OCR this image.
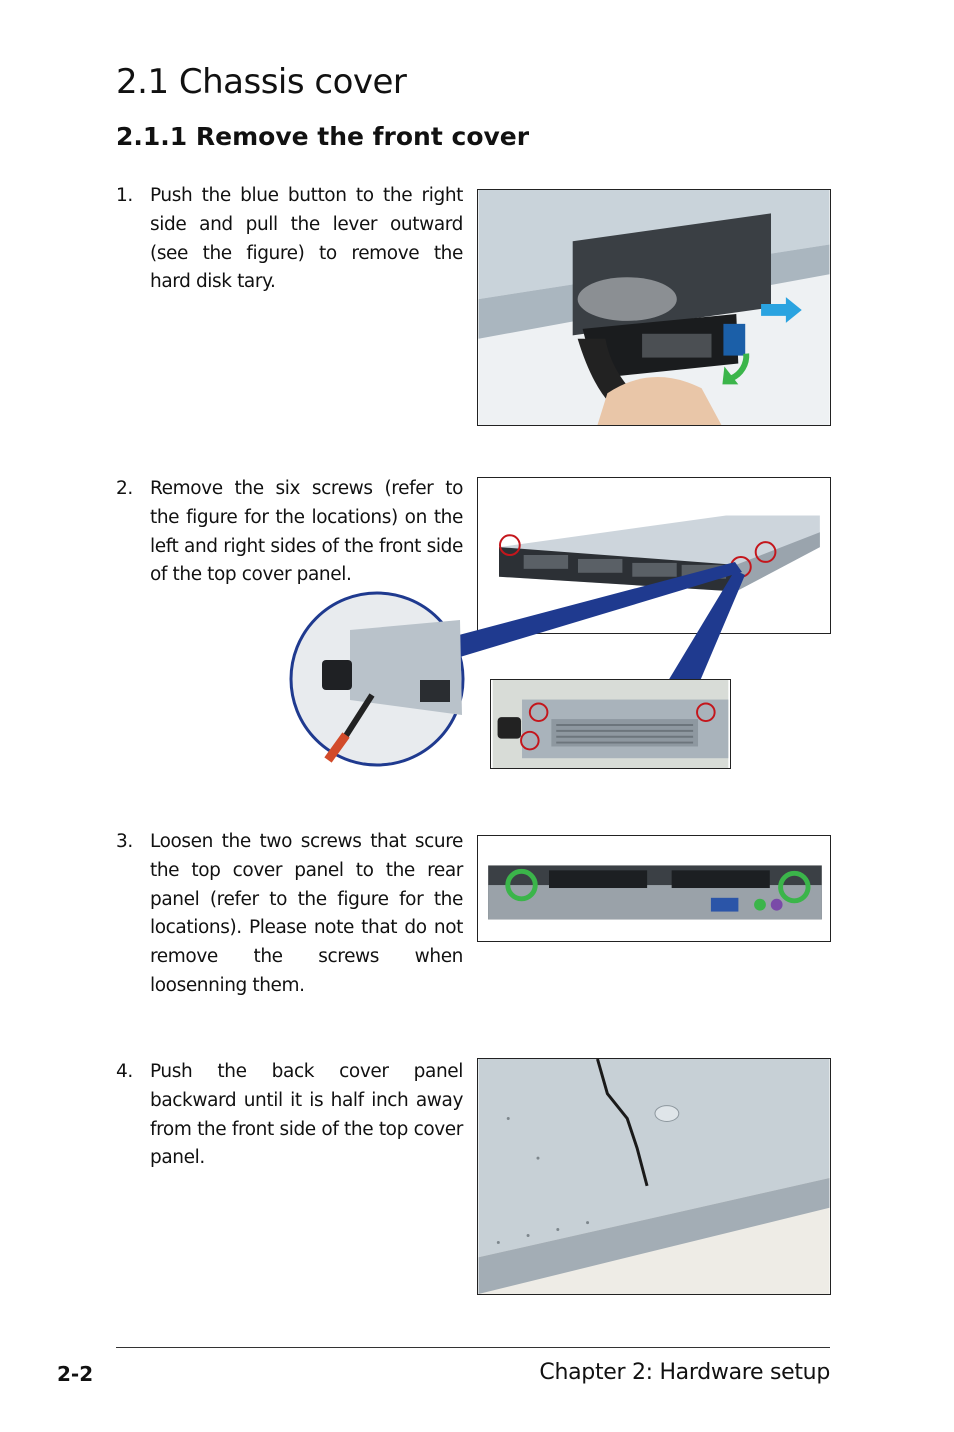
2.1 Chassis cover
2.1.1 Remove the front cover
1. Push the blue button to the right side and pull the lever outward (see the figure) to remove the hard disk tary.
2. Remove the six screws (refer to the figure for the locations) on the left and right sides of the front side of the top cover panel.
3. Loosen the two screws that scure the top cover panel to the rear panel (refer to the figure for the locations). Please note that do not remove the screws when loosenning them.
4. Push the back cover panel backward until it is half inch away from the front side of the top cover panel.
2-2	Chapter 2: Hardware setup
